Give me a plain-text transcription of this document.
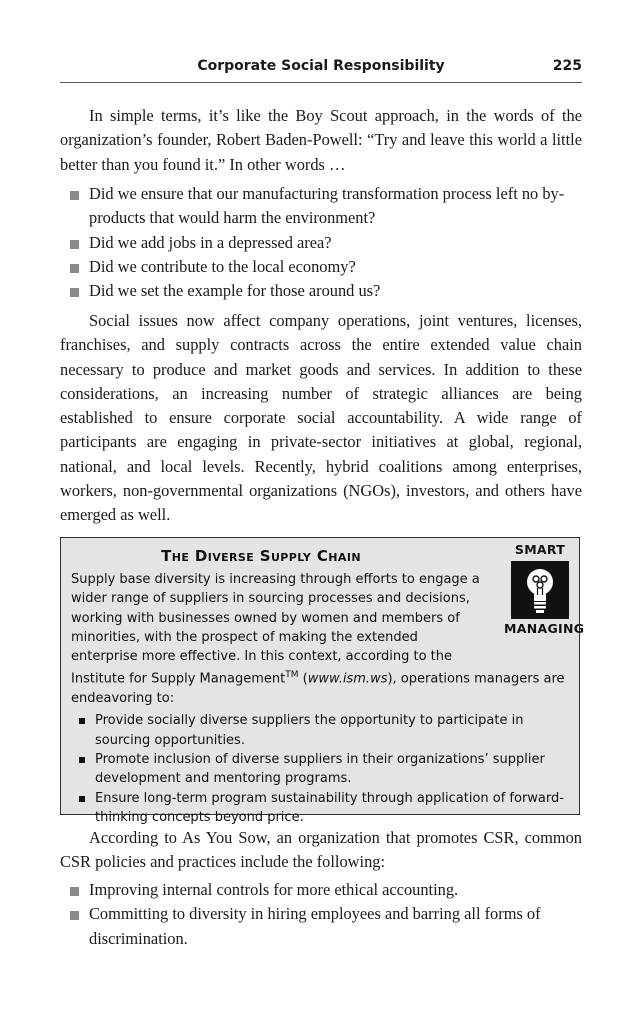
Corporate Social Responsibility	225

In simple terms, it’s like the Boy Scout approach, in the words of the organization’s founder, Robert Baden-Powell: “Try and leave this world a little better than you found it.” In other words …

Did we ensure that our manufacturing transformation process left no by-products that would harm the environment?
Did we add jobs in a depressed area?
Did we contribute to the local economy?
Did we set the example for those around us?

Social issues now affect company operations, joint ventures, licenses, franchises, and supply contracts across the entire extended value chain necessary to produce and market goods and services. In addition to these considerations, an increasing number of strategic alliances are being established to ensure corporate social accountability. A wide range of participants are engaging in private-sector initiatives at global, regional, national, and local levels. Recently, hybrid coalitions among enterprises, workers, non-governmental organizations (NGOs), investors, and others have emerged as well.

The Diverse Supply Chain	SMART
MANAGING

Supply base diversity is increasing through efforts to engage a wider range of suppliers in sourcing processes and decisions, working with businesses owned by women and members of minorities, with the prospect of making the extended enterprise more effective. In this context, according to the Institute for Supply Management™ (www.ism.ws), operations managers are endeavoring to:

Provide socially diverse suppliers the opportunity to participate in sourcing opportunities.
Promote inclusion of diverse suppliers in their organizations’ supplier development and mentoring programs.
Ensure long-term program sustainability through application of forward-thinking concepts beyond price.

According to As You Sow, an organization that promotes CSR, common CSR policies and practices include the following:

Improving internal controls for more ethical accounting.
Committing to diversity in hiring employees and barring all forms of discrimination.
